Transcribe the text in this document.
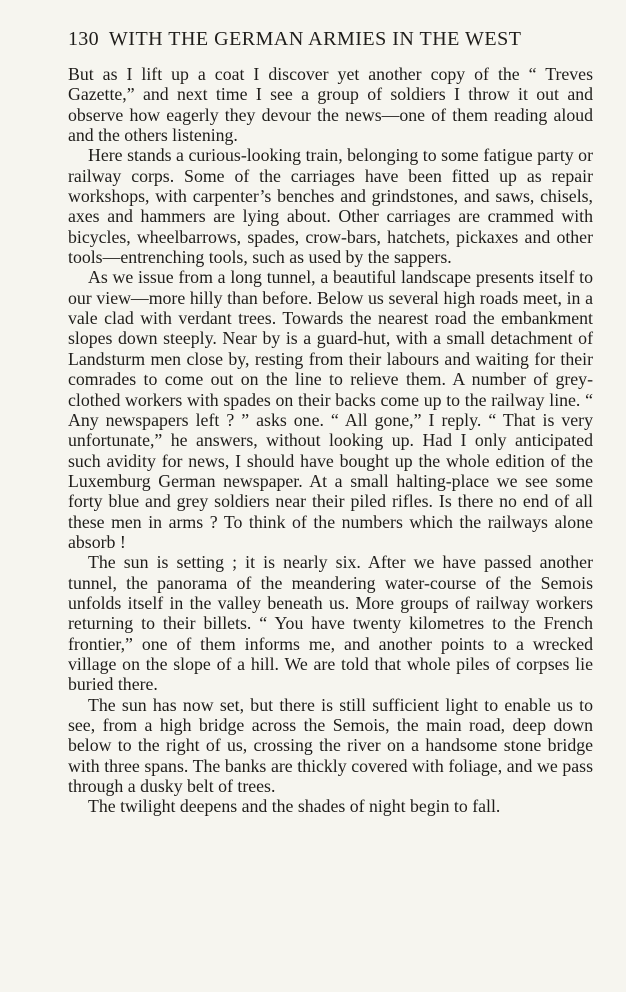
130 WITH THE GERMAN ARMIES IN THE WEST

But as I lift up a coat I discover yet another copy of the “ Treves Gazette,” and next time I see a group of soldiers I throw it out and observe how eagerly they devour the news—one of them reading aloud and the others listening.

Here stands a curious-looking train, belonging to some fatigue party or railway corps. Some of the carriages have been fitted up as repair workshops, with carpenter’s benches and grindstones, and saws, chisels, axes and hammers are lying about. Other carriages are crammed with bicycles, wheelbarrows, spades, crow-bars, hatchets, pickaxes and other tools—entrenching tools, such as used by the sappers.

As we issue from a long tunnel, a beautiful landscape presents itself to our view—more hilly than before. Below us several high roads meet, in a vale clad with verdant trees. Towards the nearest road the embankment slopes down steeply. Near by is a guard-hut, with a small detachment of Landsturm men close by, resting from their labours and waiting for their comrades to come out on the line to relieve them. A number of grey-clothed workers with spades on their backs come up to the railway line. “ Any newspapers left ? ” asks one. “ All gone,” I reply. “ That is very unfortunate,” he answers, without looking up. Had I only anticipated such avidity for news, I should have bought up the whole edition of the Luxemburg German newspaper. At a small halting-place we see some forty blue and grey soldiers near their piled rifles. Is there no end of all these men in arms ? To think of the numbers which the railways alone absorb !

The sun is setting ; it is nearly six. After we have passed another tunnel, the panorama of the meandering water-course of the Semois unfolds itself in the valley beneath us. More groups of railway workers returning to their billets. “ You have twenty kilometres to the French frontier,” one of them informs me, and another points to a wrecked village on the slope of a hill. We are told that whole piles of corpses lie buried there.

The sun has now set, but there is still sufficient light to enable us to see, from a high bridge across the Semois, the main road, deep down below to the right of us, crossing the river on a handsome stone bridge with three spans. The banks are thickly covered with foliage, and we pass through a dusky belt of trees.

The twilight deepens and the shades of night begin to fall.
